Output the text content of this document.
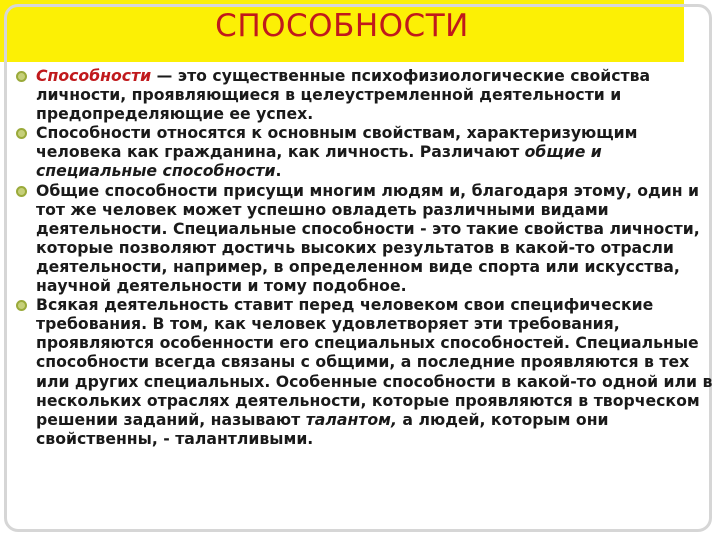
СПОСОБНОСТИ
Способности — это существенные психофизиологические свойства личности, проявляющиеся в целеустремленной деятельности и предопределяющие ее успех.
Способности относятся к основным свойствам, характеризующим человека как гражданина, как личность. Различают общие и специальные способности.
Общие способности присущи многим людям и, благодаря этому, один и тот же человек может успешно овладеть различными видами деятельности. Специальные способности - это такие свойства личности, которые позволяют достичь высоких результатов в какой-то отрасли деятельности, например, в определенном виде спорта или искусства, научной деятельности и тому подобное.
Всякая деятельность ставит перед человеком свои специфические требования. В том, как человек удовлетворяет эти требования, проявляются особенности его специальных способностей. Специальные способности всегда связаны с общими, а последние проявляются в тех или других специальных. Особенные способности в какой-то одной или в нескольких отраслях деятельности, которые проявляются в творческом решении заданий, называют талантом, а людей, которым они свойственны, - талантливыми.
